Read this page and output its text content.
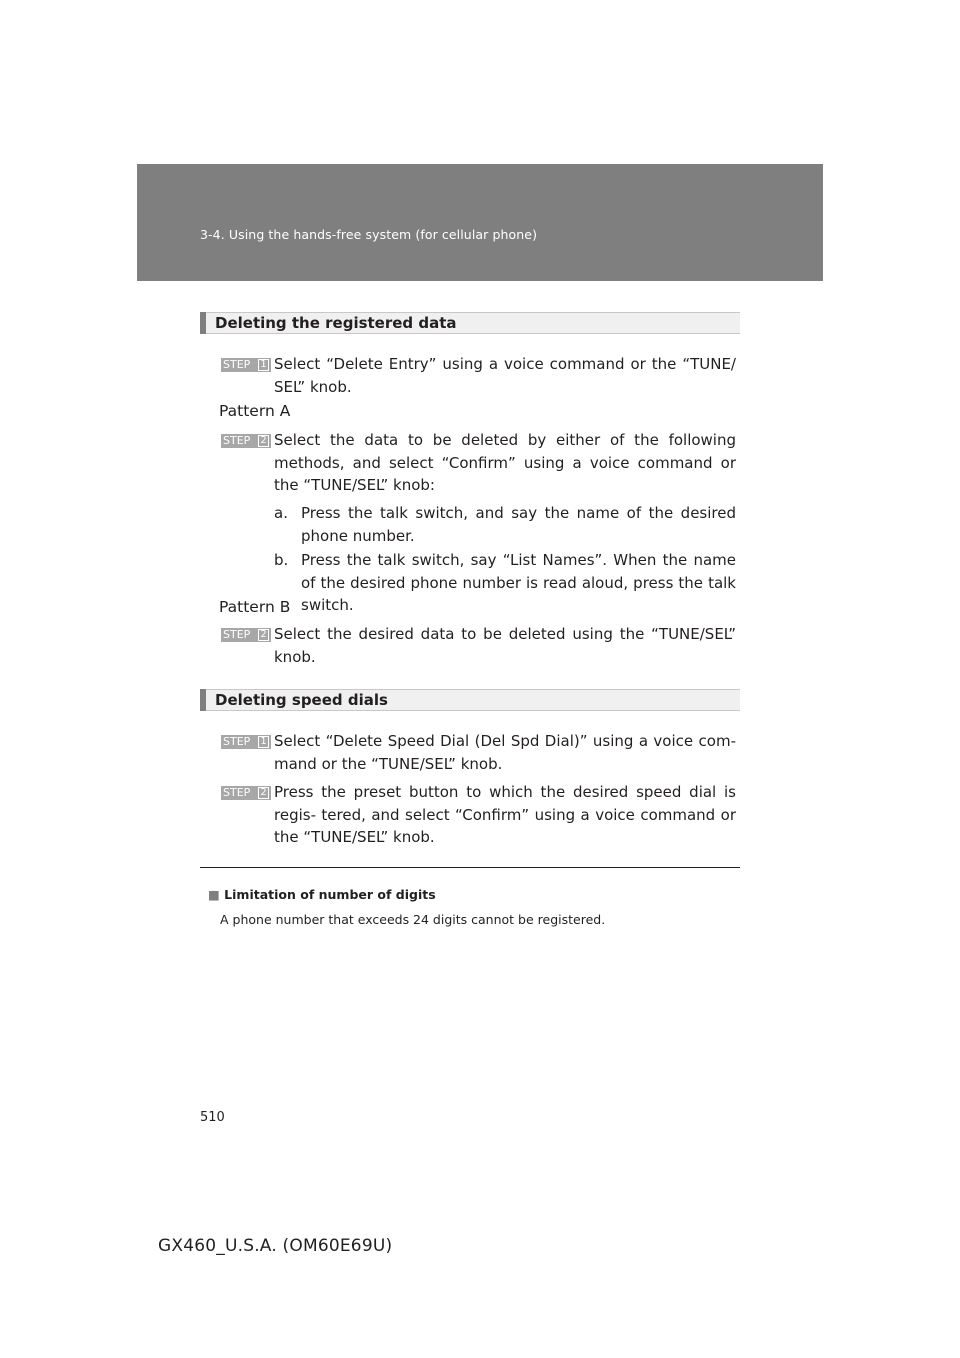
3-4. Using the hands-free system (for cellular phone)
Deleting the registered data
STEP 1 Select “Delete Entry” using a voice command or the “TUNE/ SEL” knob.
Pattern A
STEP 2 Select the data to be deleted by either of the following methods, and select “Confirm” using a voice command or the “TUNE/SEL” knob:
a. Press the talk switch, and say the name of the desired phone number.
b. Press the talk switch, say “List Names”. When the name of the desired phone number is read aloud, press the talk switch.
Pattern B
STEP 2 Select the desired data to be deleted using the “TUNE/SEL” knob.
Deleting speed dials
STEP 1 Select “Delete Speed Dial (Del Spd Dial)” using a voice com- mand or the “TUNE/SEL” knob.
STEP 2 Press the preset button to which the desired speed dial is regis- tered, and select “Confirm” using a voice command or the “TUNE/SEL” knob.
■ Limitation of number of digits
A phone number that exceeds 24 digits cannot be registered.
510
GX460_U.S.A. (OM60E69U)
